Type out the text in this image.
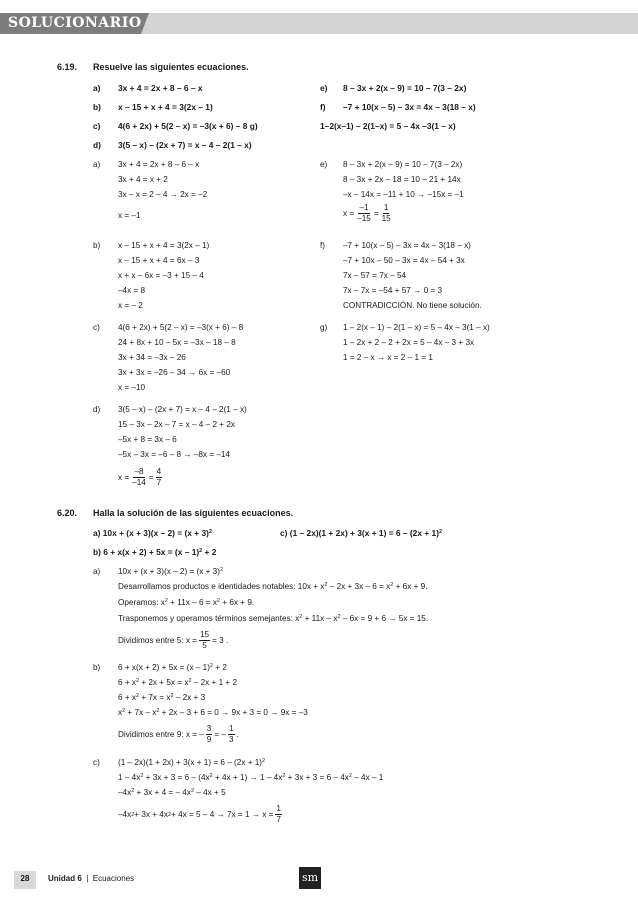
SOLUCIONARIO
6.19. Resuelve las siguientes ecuaciones.
a) 3x + 4 = 2x + 8 – 6 – x
b) x – 15 + x + 4 = 3(2x – 1)
c) 4(6 + 2x) + 5(2 – x) = –3(x + 6) – 8 g)
d) 3(5 – x) – (2x + 7) = x – 4 – 2(1 – x)
e) 8 – 3x + 2(x – 9) = 10 – 7(3 – 2x)
f) –7 + 10(x – 5) – 3x = 4x – 3(18 – x)
1–2(x–1) – 2(1–x) = 5 – 4x –3(1 – x)
a) 3x + 4 = 2x + 8 – 6 – x
3x + 4 = x + 2
3x – x = 2 – 4 → 2x = –2
x = –1
e) 8 – 3x + 2(x – 9) = 10 – 7(3 – 2x)
8 – 3x + 2x – 18 = 10 – 21 + 14x
–x – 14x = –11 + 10 → –15x = –1
$x = \frac{-1}{-15} = \frac{1}{15}$
b) x – 15 + x + 4 = 3(2x – 1)
x – 15 + x + 4 = 6x – 3
x + x – 6x = –3 + 15 – 4
–4x = 8
x = – 2
f) –7 + 10(x – 5) – 3x = 4x – 3(18 – x)
–7 + 10x – 50 – 3x = 4x – 54 + 3x
7x – 57 = 7x – 54
7x – 7x = –54 + 57 → 0 = 3
CONTRADICCIÓN. No tiene solución.
c) 4(6 + 2x) + 5(2 – x) = –3(x + 6) – 8
24 + 8x + 10 – 5x = –3x – 18 – 8
3x + 34 = –3x – 26
3x + 3x = –26 – 34 → 6x = –60
x = –10
g) 1 – 2(x – 1) – 2(1 – x) = 5 – 4x – 3(1 – x)
1 – 2x + 2 – 2 + 2x = 5 – 4x – 3 + 3x
1 = 2 – x → x = 2 – 1 = 1
d) 3(5 – x) – (2x + 7) = x – 4 – 2(1 – x)
15 – 3x – 2x – 7 = x – 4 – 2 + 2x
–5x + 8 = 3x – 6
–5x – 3x = –6 – 8 → –8x = –14
$x = \frac{-8}{-14} = \frac{4}{7}$
6.20. Halla la solución de las siguientes ecuaciones.
a) $10x + (x + 3)(x - 2) = (x + 3)^2$	c) $(1 - 2x)(1 + 2x) + 3(x + 1) = 6 - (2x + 1)^2$
b) 6 + x(x + 2) + 5x = (x – 1)$^2$ + 2
a) $10x + (x + 3)(x - 2) = (x + 3)^2$
Desarrollamos productos e identidades notables: $10x + x^2 - 2x + 3x - 6 = x^2 + 6x + 9$.
Operamos: $x^2 + 11x - 6 = x^2 + 6x + 9$.
Trasponemos y operamos términos semejantes: $x^2 + 11x - x^2 - 6x = 9 + 6 \to 5x = 15$.
Dividimos entre 5:
$x = \frac{15}{5} = 3$ .
b) 6 + x(x + 2) + 5x = (x – 1)$^2$ + 2
$6 + x^2 + 2x + 5x = x^2 - 2x + 1 + 2$
$6 + x^2 + 7x = x^2 - 2x + 3$
$x^2 + 7x - x^2 + 2x - 3 + 6 = 0 \to 9x + 3 = 0 \to 9x = -3$
Dividimos entre 9:
x = – $\frac{3}{9}$ = – $\frac{1}{3}$ .
c) $(1 - 2x)(1 + 2x) + 3(x + 1) = 6 - (2x + 1)^2$
$1 - 4x^2 + 3x + 3 = 6 - (4x^2 + 4x + 1) \to 1 - 4x^2 + 3x + 3 = 6 - 4x^2 - 4x - 1$
$-4x^2 + 3x + 4$ = – $4x^2 - 4x + 5$
–4x 2 + 3x + 4x $2 + 4x = 5 - 4 \to 7x = 1 \to x = \frac{1}{7}$
28	Unidad 6 | Ecuaciones	sm
